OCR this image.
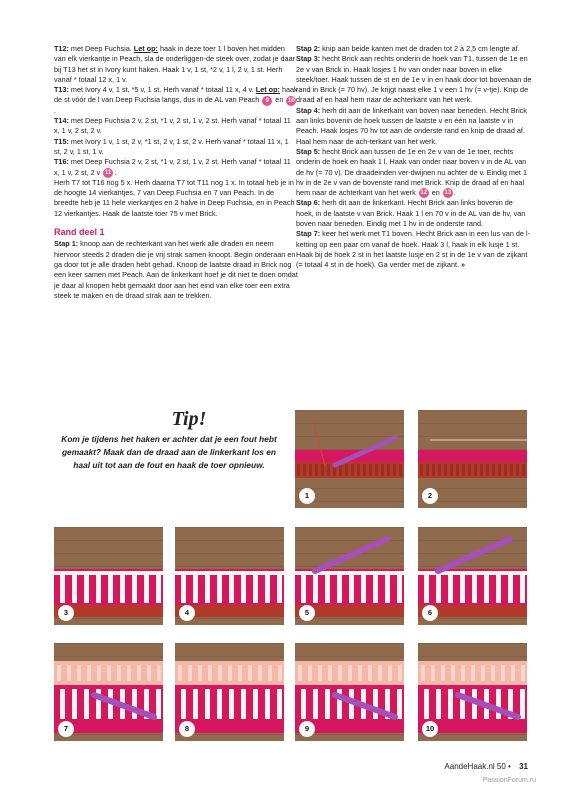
T12: met Deep Fuchsia. Let op: haak in deze toer 1 l boven het midden van elk vierkantje in Peach, sla de onderliggen-de steek over, zodat je daar bij T13 het st in Ivory kunt haken. Haak 1 v, 1 st, *2 v, 1 l, 2 v, 1 st. Herh vanaf * totaal 12 x, 1 v.

T13: met Ivory 4 v, 1 st, *5 v, 1 st. Herh vanaf * totaal 11 x, 4 v. Let op: haak de st vóór de l van Deep Fuchsia langs, dus in de AL van Peach 9 en 10.

T14: met Deep Fuchsia 2 v, 2 st, *1 v, 2 st, 1 v, 2 st. Herh vanaf * totaal 11 x, 1 v, 2 st, 2 v.

T15: met Ivory 1 v, 1 st, 2 v, *1 st, 2 v, 1 st, 2 v. Herh vanaf * totaal 11 x, 1 st, 2 v, 1 st, 1 v.

T16: met Deep Fuchsia 2 v, 2 st, *1 v, 2 st, 1 v, 2 st. Herh vanaf * totaal 11 x, 1 v, 2 st, 2 v 11 .

Herh T7 tot T16 nog 5 x. Herh daarna T7 tot T11 nog 1 x. In totaal heb je in de hoogte 14 vierkantjes, 7 van Deep Fuchsia en 7 van Peach. In de breedte heb je 11 hele vierkantjes en 2 halve in Deep Fuchsia, en in Peach 12 vierkantjes. Haak de laatste toer 75 v met Brick.

Rand deel 1

Stap 1: knoop aan de rechterkant van het werk alle draden en neem hiervoor steeds 2 draden die je vrij strak samen knoopt. Begin onderaan en ga door tot je alle draden hebt gehad. Knoop de laatste draad in Brick nog een keer samen met Peach. Aan de linkerkant hoef je dit niet te doen omdat je daar al knopen hebt gemaakt door aan het eind van elke toer een extra steek te maken en de draad strak aan te trekken.

Stap 2: knip aan beide kanten met de draden tot 2 à 2,5 cm lengte af.

Stap 3: hecht Brick aan rechts onderin de hoek van T1, tussen de 1e en 2e v van Brick in. Haak losjes 1 hv van onder naar boven in elke steek/toer. Haak tussen de st en de 1e v in en haak door tot bovenaan de rand in Brick (= 70 hv). Je krijgt naast elke 1 v een 1 hv (= v-tje). Knip de draad af en haal hem naar de achterkant van het werk.

Stap 4: herh dit aan de linkerkant van boven naar beneden. Hecht Brick aan links bovenin de hoek tussen de laatste v en één na laatste v in Peach. Haak losjes 70 hv tot aan de onderste rand en knip de draad af. Haal hem naar de ach-terkant van het werk.

Stap 5: hecht Brick aan tussen de 1e en 2e v van de 1e toer, rechts onderin de hoek en haak 1 l. Haak van onder naar boven v in de AL van de hv (= 70 v). De draadeinden ver-dwijnen nu achter de v. Eindig met 1 hv in de 2e v van de bovenste rand met Brick. Knip de draad af en haal hem naar de achterkant van het werk 12 en 13 .

Stap 6: herh dit aan de linkerkant. Hecht Brick aan links bovenin de hoek, in de laatste v van Brick. Haak 1 l en 70 v in de AL van de hv, van boven naar beneden. Eindig met 1 hv in de onderste rand.

Stap 7: keer het werk met T1 boven. Hecht Brick aan in een lus van de l-ketting op een paar cm vanaf de hoek. Haak 3 l, haak in elk lusje 1 st. Haak bij de hoek 2 st in het laatste lusje en 2 st in de 1e v van de zijkant (= totaal 4 st in de hoek). Ga verder met de zijkant. »

Tip!
Kom je tijdens het haken er achter dat je een fout hebt gemaakt? Maak dan de draad aan de linkerkant los en haal uit tot aan de fout en haak de toer opnieuw.
1	2
3	4	5	6
7	8	9	10
AandeHaak.nl 50 • 31
PassionForum.ru
